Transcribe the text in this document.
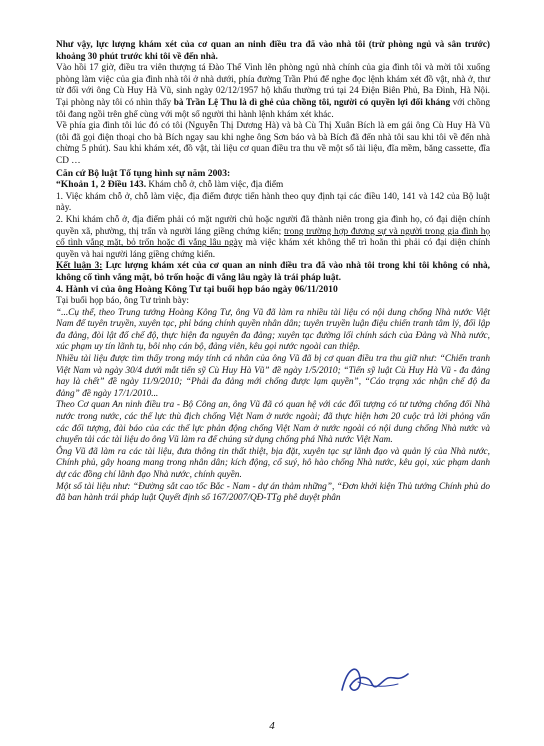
Như vậy, lực lượng khám xét của cơ quan an ninh điều tra đã vào nhà tôi (trừ phòng ngủ và sân trước) khoảng 30 phút trước khi tôi về đến nhà.

Vào hồi 17 giờ, điều tra viên thượng tá Đào Thế Vinh lên phòng ngủ nhà chính của gia đình tôi và mời tôi xuống phòng làm việc của gia đình nhà tôi ở nhà dưới, phía đường Trần Phú để nghe đọc lệnh khám xét đồ vật, nhà ở, thư từ đối với ông Cù Huy Hà Vũ, sinh ngày 02/12/1957 hộ khẩu thường trú tại 24 Điện Biên Phủ, Ba Đình, Hà Nội. Tại phòng này tôi có nhìn thấy bà Trần Lệ Thu là dì ghẻ của chồng tôi, người có quyền lợi đối kháng với chồng tôi đang ngồi trên ghế cùng với một số người thi hành lệnh khám xét khác.

Về phía gia đình tôi lúc đó có tôi (Nguyễn Thị Dương Hà) và bà Cù Thị Xuân Bích là em gái ông Cù Huy Hà Vũ (tôi đã gọi điện thoại cho bà Bích ngay sau khi nghe ông Sơn báo và bà Bích đã đến nhà tôi sau khi tôi về đến nhà chừng 5 phút). Sau khi khám xét, đồ vật, tài liệu cơ quan điều tra thu về một số tài liệu, đĩa mềm, băng cassette, đĩa CD …

Căn cứ Bộ luật Tố tụng hình sự năm 2003:

“Khoản 1, 2 Điều 143. Khám chỗ ở, chỗ làm việc, địa điểm

1. Việc khám chỗ ở, chỗ làm việc, địa điểm được tiến hành theo quy định tại các điều 140, 141 và 142 của Bộ luật này.

2. Khi khám chỗ ở, địa điểm phải có mặt người chủ hoặc người đã thành niên trong gia đình họ, có đại diện chính quyền xã, phường, thị trấn và người láng giềng chứng kiến; trong trường hợp đương sự và người trong gia đình họ cố tình vắng mặt, bỏ trốn hoặc đi vắng lâu ngày mà việc khám xét không thể trì hoãn thì phải có đại diện chính quyền và hai người láng giềng chứng kiến.

Kết luận 3: Lực lượng khám xét của cơ quan an ninh điều tra đã vào nhà tôi trong khi tôi không có nhà, không cố tình vắng mặt, bỏ trốn hoặc đi vắng lâu ngày là trái pháp luật.

4. Hành vi của ông Hoàng Kông Tư tại buổi họp báo ngày 06/11/2010

Tại buổi họp báo, ông Tư trình bày:

“...Cụ thể, theo Trung tướng Hoàng Kông Tư, ông Vũ đã làm ra nhiều tài liệu có nội dung chống Nhà nước Việt Nam để tuyên truyền, xuyên tạc, phỉ báng chính quyền nhân dân; tuyên truyền luận điệu chiến tranh tâm lý, đối lập đa đảng, đòi lật đổ chế độ, thực hiện đa nguyên đa đảng; xuyên tạc đường lối chính sách của Đảng và Nhà nước, xúc phạm uy tín lãnh tụ, bôi nhọ cán bộ, đảng viên, kêu gọi nước ngoài can thiệp.

Nhiều tài liệu được tìm thấy trong máy tính cá nhân của ông Vũ đã bị cơ quan điều tra thu giữ như: “Chiến tranh Việt Nam và ngày 30/4 dưới mắt tiến sỹ Cù Huy Hà Vũ” đề ngày 1/5/2010; “Tiến sỹ luật Cù Huy Hà Vũ - đa đảng hay là chết” đề ngày 11/9/2010; “Phải đa đảng mới chống được lạm quyền”, “Cáo trạng xác nhận chế độ đa đảng” đề ngày 17/1/2010...

Theo Cơ quan An ninh điều tra - Bộ Công an, ông Vũ đã có quan hệ với các đối tượng có tư tưởng chống đối Nhà nước trong nước, các thế lực thù địch chống Việt Nam ở nước ngoài; đã thực hiện hơn 20 cuộc trả lời phỏng vấn các đối tượng, đài báo của các thế lực phản động chống Việt Nam ở nước ngoài có nội dung chống Nhà nước và chuyển tải các tài liệu do ông Vũ làm ra để chúng sử dụng chống phá Nhà nước Việt Nam.

Ông Vũ đã làm ra các tài liệu, đưa thông tin thất thiệt, bịa đặt, xuyên tạc sự lãnh đạo và quản lý của Nhà nước, Chính phủ, gây hoang mang trong nhân dân; kích động, cổ suý, hô hào chống Nhà nước, kêu gọi, xúc phạm danh dự các đồng chí lãnh đạo Nhà nước, chính quyền.

Một số tài liệu như: “Đường sắt cao tốc Bắc - Nam - dự án thảm những”, “Đơn khởi kiện Thủ tướng Chính phủ do đã ban hành trái pháp luật Quyết định số 167/2007/QĐ-TTg phê duyệt phân

4
